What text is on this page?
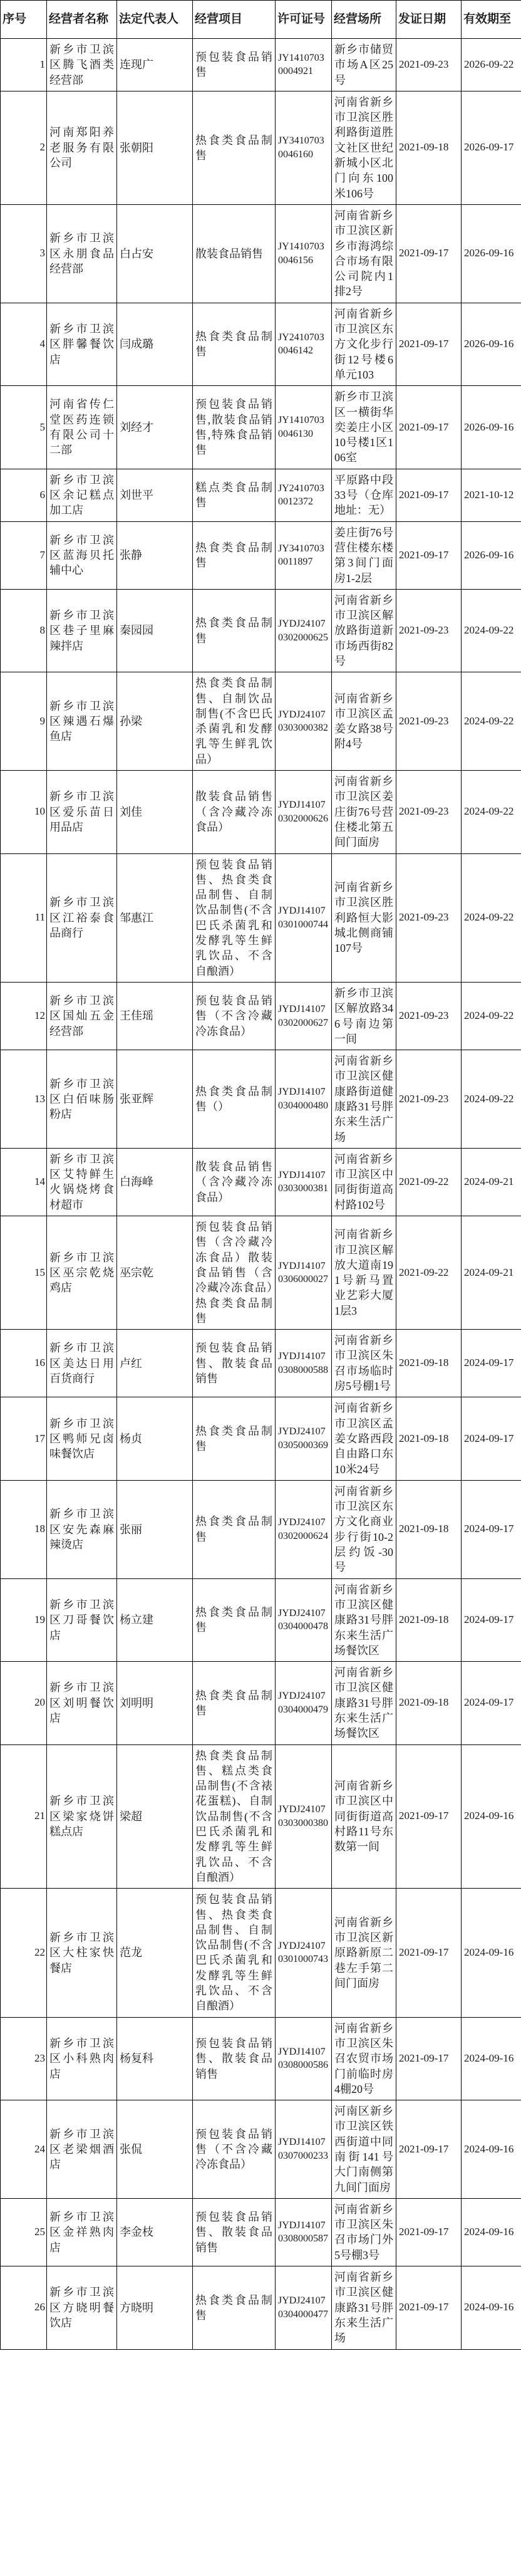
序号	经营者名称	法定代表人	经营项目	许可证号	经营场所	发证日期	有效期至
1	新乡市卫滨区腾飞酒类经营部	连现广	预包装食品销售	JY14107030004921	新乡市储贸市场A区25号	2021-09-23	2026-09-22
2	河南郑阳养老服务有限公司	张朝阳	热食类食品制售	JY34107030046160	河南省新乡市卫滨区胜利路街道胜文社区世纪新城小区北门向东100米106号	2021-09-18	2026-09-17
3	新乡市卫滨区永朋食品经营部	白占安	散装食品销售	JY14107030046156	河南省新乡市卫滨区新乡市海鸿综合市场有限公司院内1排2号	2021-09-17	2026-09-16
4	新乡市卫滨区胖馨餐饮店	闫成璐	热食类食品制售	JY24107030046142	河南省新乡市卫滨区东方文化步行街12号楼6单元103	2021-09-17	2026-09-16
5	河南省传仁堂医药连锁有限公司十二部	刘经才	预包装食品销售,散装食品销售,特殊食品销售	JY14107030046130	新乡市卫滨区一横街华奕姜庄小区10号楼1区106室	2021-09-17	2026-09-16
6	新乡市卫滨区余记糕点加工店	刘世平	糕点类食品制售	JY24107030012372	平原路中段33号（仓库地址：无）	2021-09-17	2021-10-12
7	新乡市卫滨区蓝海贝托辅中心	张静	热食类食品制售	JY34107030011897	姜庄街76号营住楼东楼第3间门面房1-2层	2021-09-17	2026-09-16
8	新乡市卫滨区巷子里麻辣拌店	秦园园	热食类食品制售	JYDJ241070302000625	河南省新乡市卫滨区解放路街道新市场西街82号	2021-09-23	2024-09-22
9	新乡市卫滨区辣遇石爆鱼店	孙梁	热食类食品制售、自制饮品制售(不含巴氏杀菌乳和发酵乳等生鲜乳饮品）	JYDJ241070303000382	河南省新乡市卫滨区孟姜女路38号附4号	2021-09-23	2024-09-22
10	新乡市卫滨区爱乐苗日用品店	刘佳	散装食品销售（含冷藏冷冻食品）	JYDJ141070302000626	河南省新乡市卫滨区姜庄街76号营住楼北第五间门面房	2021-09-23	2024-09-22
11	新乡市卫滨区江裕泰食品商行	邹惠江	预包装食品销售、热食类食品制售、自制饮品制售(不含巴氏杀菌乳和发酵乳等生鲜乳饮品、不含自酿酒）	JYDJ141070301000744	河南省新乡市卫滨区胜利路恒大影城北侧商铺107号	2021-09-23	2024-09-22
12	新乡市卫滨区国灿五金经营部	王佳瑶	预包装食品销售（不含冷藏冷冻食品）	JYDJ141070302000627	新乡市卫滨区解放路346号南边第一间	2021-09-23	2024-09-22
13	新乡市卫滨区白佰味肠粉店	张亚辉	热食类食品制售（）	JYDJ141070304000480	河南省新乡市卫滨区健康路街道健康路31号胖东来生活广场	2021-09-23	2024-09-22
14	新乡市卫滨区艾特鲜生火锅烧烤食材超市	白海峰	散装食品销售（含冷藏冷冻食品）	JYDJ141070303000381	河南省新乡市卫滨区中同街街道高村路102号	2021-09-22	2024-09-21
15	新乡市卫滨区巫宗乾烧鸡店	巫宗乾	预包装食品销售（含冷藏冷冻食品）散装食品销售（含冷藏冷冻食品）热食类食品制售	JYDJ141070306000027	河南省新乡市卫滨区解放大道南191号新马置业艺彩大厦1层3	2021-09-22	2024-09-21
16	新乡市卫滨区美达日用百货商行	卢红	预包装食品销售、散装食品销售	JYDJ141070308000588	河南省新乡市卫滨区朱召市场临时房5号棚1号	2021-09-18	2024-09-17
17	新乡市卫滨区鸭师兄卤味餐饮店	杨贞	热食类食品制售	JYDJ241070305000369	河南省新乡市卫滨区孟姜女路西段自由路口东10米24号	2021-09-18	2024-09-17
18	新乡市卫滨区安先森麻辣烫店	张丽	热食类食品制售	JYDJ241070302000624	河南省新乡市卫滨区东方文化商业步行街10-2层约饭-30号	2021-09-18	2024-09-17
19	新乡市卫滨区刀哥餐饮店	杨立建	热食类食品制售	JYDJ241070304000478	河南省新乡市卫滨区健康路31号胖东来生活广场餐饮区	2021-09-18	2024-09-17
20	新乡市卫滨区刘明餐饮店	刘明明	热食类食品制售	JYDJ241070304000479	河南省新乡市卫滨区健康路31号胖东来生活广场餐饮区	2021-09-18	2024-09-17
21	新乡市卫滨区梁家烧饼糕点店	梁超	热食类食品制售、糕点类食品制售(不含裱花蛋糕)、自制饮品制售(不含巴氏杀菌乳和发酵乳等生鲜乳饮品、不含自酿酒）	JYDJ241070303000380	河南省新乡市卫滨区中同街街道高村路11号东数第一间	2021-09-17	2024-09-16
22	新乡市卫滨区大柱家快餐店	范龙	预包装食品销售、热食类食品制售、自制饮品制售(不含巴氏杀菌乳和发酵乳等生鲜乳饮品、不含自酿酒）	JYDJ241070301000743	河南省新乡市卫滨区新原路新原二巷左手第二间门面房	2021-09-17	2024-09-16
23	新乡市卫滨区小科熟肉店	杨复科	预包装食品销售、散装食品销售	JYDJ141070308000586	河南省新乡市卫滨区朱召农贸市场门前临时房4棚20号	2021-09-17	2024-09-16
24	新乡市卫滨区老梁烟酒店	张侃	预包装食品销售（不含冷藏冷冻食品）	JYDJ141070307000233	河南区新乡市卫滨区铁西街道中同南街141号大门南侧第九间门面房	2021-09-17	2024-09-16
25	新乡市卫滨区金祥熟肉店	李金枝	预包装食品销售、散装食品销售	JYDJ141070308000587	河南省新乡市卫滨区朱召市场门外5号棚3号	2021-09-17	2024-09-16
26	新乡市卫滨区方晓明餐饮店	方晓明	热食类食品制售	JYDJ241070304000477	河南省新乡市卫滨区健康路31号胖东来生活广场	2021-09-17	2024-09-16
